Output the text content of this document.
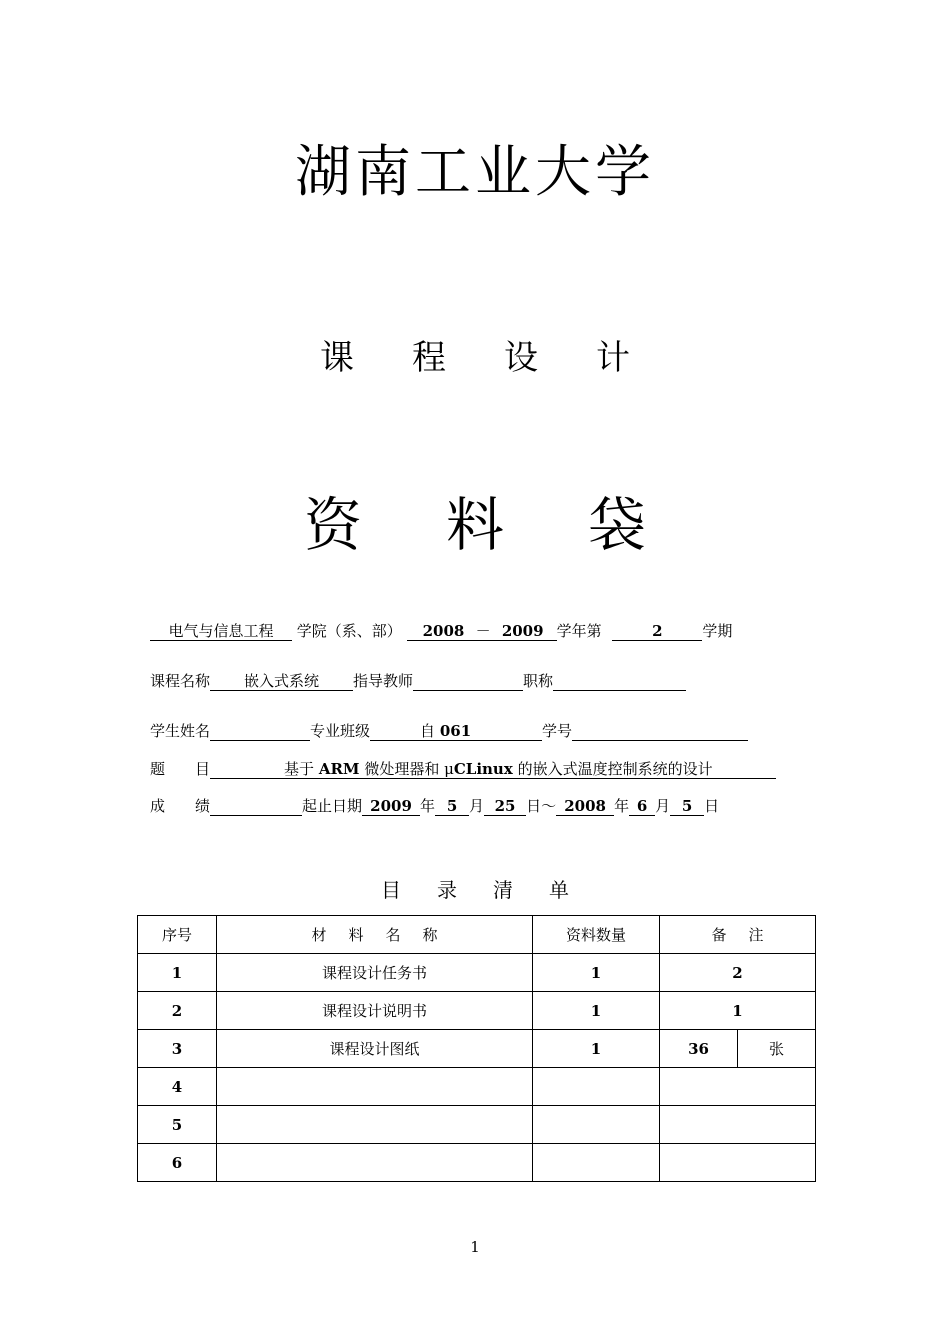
湖南工业大学
课 程 设 计
资 料 袋
电气与信息工程 学院（系、部） 2008 － 2009 学年第	2	学期
课程名称 嵌入式系统 指导教师	职称
学生姓名	专业班级	自 061	学号
题　　目	基于 ARM 微处理器和 μCLinux 的嵌入式温度控制系统的设计
成　　绩	起止日期 2009 年 5 月 25 日～ 2008 年 6 月 5 日
目 录 清 单
序号	材 料 名 称	资料数量	备 注	
1	课程设计任务书	1	2	
2	课程设计说明书	1	1	
3	课程设计图纸	1	36	张
4				
5				
6				
1
